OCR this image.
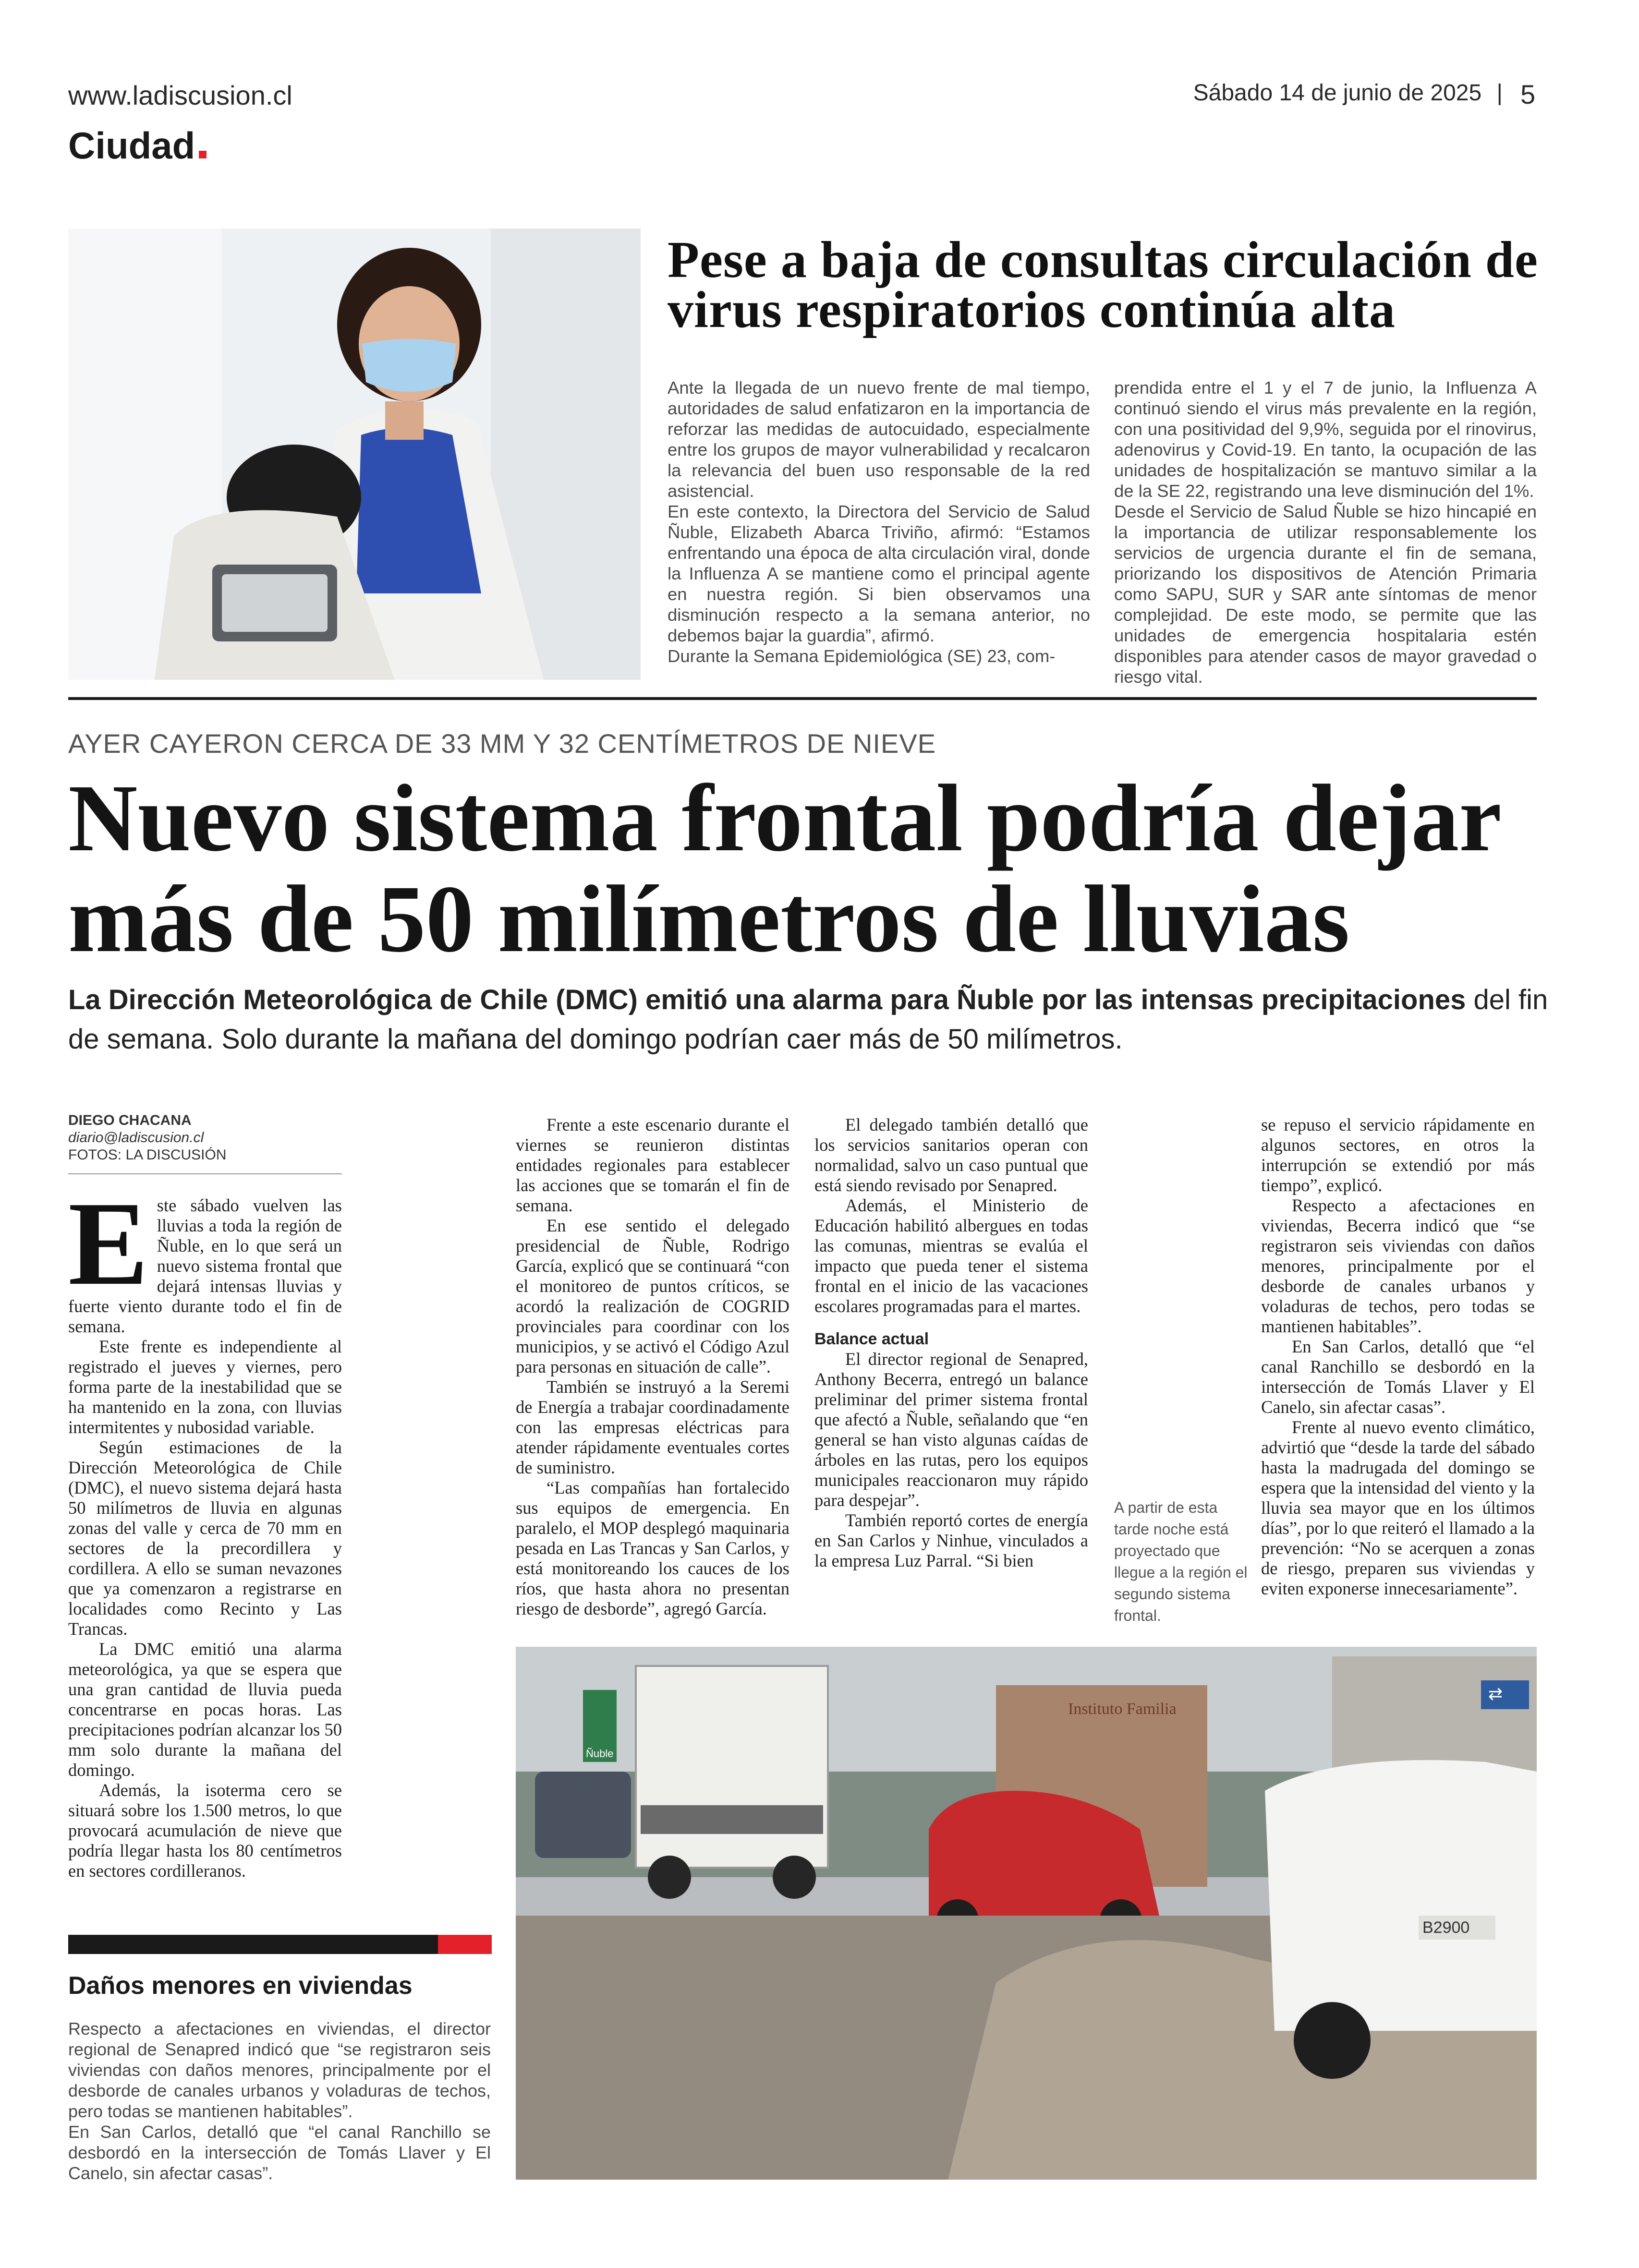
www.ladiscusion.cl	Sábado 14 de junio de 2025 | 5
Ciudad
Pese a baja de consultas circulación de virus respiratorios continúa alta

Ante la llegada de un nuevo frente de mal tiempo, autoridades de salud enfatizaron en la importancia de reforzar las medidas de autocuidado, especialmente entre los grupos de mayor vulnerabilidad y recalcaron la relevancia del buen uso responsable de la red asistencial.

En este contexto, la Directora del Servicio de Salud Ñuble, Elizabeth Abarca Triviño, afirmó: “Estamos enfrentando una época de alta circulación viral, donde la Influenza A se mantiene como el principal agente en nuestra región. Si bien observamos una disminución respecto a la semana anterior, no debemos bajar la guardia”, afirmó.

Durante la Semana Epidemiológica (SE) 23, com-

prendida entre el 1 y el 7 de junio, la Influenza A continuó siendo el virus más prevalente en la región, con una positividad del 9,9%, seguida por el rinovirus, adenovirus y Covid-19. En tanto, la ocupación de las unidades de hospitalización se mantuvo similar a la de la SE 22, registrando una leve disminución del 1%.

Desde el Servicio de Salud Ñuble se hizo hincapié en la importancia de utilizar responsablemente los servicios de urgencia durante el fin de semana, priorizando los dispositivos de Atención Primaria como SAPU, SUR y SAR ante síntomas de menor complejidad. De este modo, se permite que las unidades de emergencia hospitalaria estén disponibles para atender casos de mayor gravedad o riesgo vital.

AYER CAYERON CERCA DE 33 MM Y 32 CENTÍMETROS DE NIEVE
Nuevo sistema frontal podría dejar más de 50 milímetros de lluvias
La Dirección Meteorológica de Chile (DMC) emitió una alarma para Ñuble por las intensas precipitaciones del fin de semana. Solo durante la mañana del domingo podrían caer más de 50 milímetros.
DIEGO CHACANA
diario@ladiscusion.cl
FOTOS: LA DISCUSIÓN

Este sábado vuelven las lluvias a toda la región de Ñuble, en lo que será un nuevo sistema frontal que dejará intensas lluvias y fuerte viento durante todo el fin de semana.

Este frente es independiente al registrado el jueves y viernes, pero forma parte de la inestabilidad que se ha mantenido en la zona, con lluvias intermitentes y nubosidad variable.

Según estimaciones de la Dirección Meteorológica de Chile (DMC), el nuevo sistema dejará hasta 50 milímetros de lluvia en algunas zonas del valle y cerca de 70 mm en sectores de la precordillera y cordillera. A ello se suman nevazones que ya comenzaron a registrarse en localidades como Recinto y Las Trancas.

La DMC emitió una alarma meteorológica, ya que se espera que una gran cantidad de lluvia pueda concentrarse en pocas horas. Las precipitaciones podrían alcanzar los 50 mm solo durante la mañana del domingo.

Además, la isoterma cero se situará sobre los 1.500 metros, lo que provocará acumulación de nieve que podría llegar hasta los 80 centímetros en sectores cordilleranos.

Frente a este escenario durante el viernes se reunieron distintas entidades regionales para establecer las acciones que se tomarán el fin de semana.

En ese sentido el delegado presidencial de Ñuble, Rodrigo García, explicó que se continuará “con el monitoreo de puntos críticos, se acordó la realización de COGRID provinciales para coordinar con los municipios, y se activó el Código Azul para personas en situación de calle”.

También se instruyó a la Seremi de Energía a trabajar coordinadamente con las empresas eléctricas para atender rápidamente eventuales cortes de suministro.

“Las compañías han fortalecido sus equipos de emergencia. En paralelo, el MOP desplegó maquinaria pesada en Las Trancas y San Carlos, y está monitoreando los cauces de los ríos, que hasta ahora no presentan riesgo de desborde”, agregó García.

El delegado también detalló que los servicios sanitarios operan con normalidad, salvo un caso puntual que está siendo revisado por Senapred.

Además, el Ministerio de Educación habilitó albergues en todas las comunas, mientras se evalúa el impacto que pueda tener el sistema frontal en el inicio de las vacaciones escolares programadas para el martes.

Balance actual

El director regional de Senapred, Anthony Becerra, entregó un balance preliminar del primer sistema frontal que afectó a Ñuble, señalando que “en general se han visto algunas caídas de árboles en las rutas, pero los equipos municipales reaccionaron muy rápido para despejar”.

También reportó cortes de energía en San Carlos y Ninhue, vinculados a la empresa Luz Parral. “Si bien

se repuso el servicio rápidamente en algunos sectores, en otros la interrupción se extendió por más tiempo”, explicó.

Respecto a afectaciones en viviendas, Becerra indicó que “se registraron seis viviendas con daños menores, principalmente por el desborde de canales urbanos y voladuras de techos, pero todas se mantienen habitables”.

En San Carlos, detalló que “el canal Ranchillo se desbordó en la intersección de Tomás Llaver y El Canelo, sin afectar casas”.

Frente al nuevo evento climático, advirtió que “desde la tarde del sábado hasta la madrugada del domingo se espera que la intensidad del viento y la lluvia sea mayor que en los últimos días”, por lo que reiteró el llamado a la prevención: “No se acerquen a zonas de riesgo, preparen sus viviendas y eviten exponerse innecesariamente”.

A partir de esta tarde noche está proyectado que llegue a la región el segundo sistema frontal.
Daños menores en viviendas

Respecto a afectaciones en viviendas, el director regional de Senapred indicó que “se registraron seis viviendas con daños menores, principalmente por el desborde de canales urbanos y voladuras de techos, pero todas se mantienen habitables”.

En San Carlos, detalló que “el canal Ranchillo se desbordó en la intersección de Tomás Llaver y El Canelo, sin afectar casas”.

Instituto Familia
⇄
Ñuble
B2900
